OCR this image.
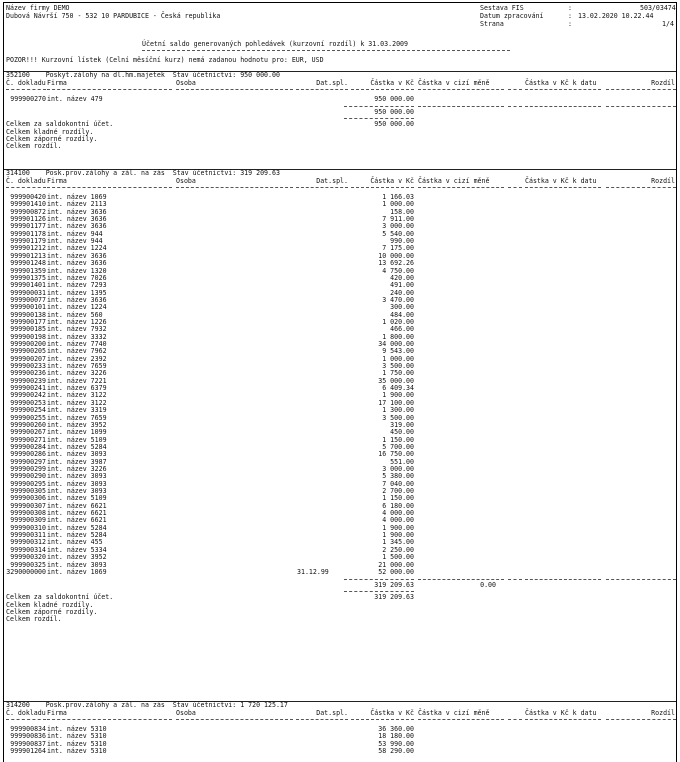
Název firmy DEMO
Dubová Návrší 750 - 532 10 PARDUBICE - Česká republika
Sestava FIS	:	503/03474
Datum zpracování	: 13.02.2020 10.22.44
Strana	:	1/4
Účetní saldo generovaných pohledávek (kurzovní rozdíl) k 31.03.2009
POZOR!!! Kurzovní lístek (Celní měsíční kurz) nemá zadanou hodnotu pro: EUR, USD
352100    Poskyt.zálohy na dl.hm.majetek  Stav účetnictví: 950 000.00
Č. dokladu Firma	Osoba	Dat.spl.	Částka v Kč Částka v cizí měně	Částka v Kč k datu	Rozdíl
999900270 int. název 479	950 000.00
950 000.00
Celkem za saldokontní účet.	950 000.00
Celkem kladné rozdíly.
Celkem záporné rozdíly.
Celkem rozdíl.
314100    Posk.prov.zálohy a zál. na zás  Stav účetnictví: 319 209.63
Č. dokladu Firma	Osoba	Dat.spl.	Částka v Kč Částka v cizí měně	Částka v Kč k datu	Rozdíl
999900420 int. název 1069	1 166.03
999901410 int. název 2113	1 000.00
999900872 int. název 3636	158.00
999901126 int. název 3636	7 911.00
999901177 int. název 3636	3 000.00
999901178 int. název 944	5 540.00
999901179 int. název 944	990.00
999901212 int. název 1224	7 175.00
999901213 int. název 3636	10 000.00
999901248 int. název 3636	13 692.26
999901359 int. název 1320	4 750.00
999901375 int. název 7026	420.00
999901401 int. název 7293	491.00
999900031 int. název 1395	240.00
999900077 int. název 3636	3 470.00
999900101 int. název 1224	300.00
999900138 int. název 560	484.00
999900177 int. název 1226	1 020.00
999900185 int. název 7932	466.00
999900198 int. název 3332	1 800.00
999900200 int. název 7740	34 000.00
999900205 int. název 7962	9 543.00
999900207 int. název 2392	1 000.00
999900233 int. název 7659	3 500.00
999900236 int. název 3226	1 750.00
999900239 int. název 7221	35 000.00
999900241 int. název 6379	6 409.34
999900242 int. název 3122	1 900.00
999900253 int. název 3122	17 100.00
999900254 int. název 3319	1 300.00
999900255 int. název 7659	3 500.00
999900260 int. název 3952	319.00
999900267 int. název 1099	450.00
999900271 int. název 5109	1 150.00
999900284 int. název 5284	5 700.00
999900286 int. název 3093	16 750.00
999900297 int. název 3987	551.00
999900299 int. název 3226	3 000.00
999900290 int. název 3093	5 380.00
999900295 int. název 3093	7 040.00
999900305 int. název 3093	2 700.00
999900306 int. název 5109	1 150.00
999900307 int. název 6621	6 180.00
999900308 int. název 6621	4 000.00
999900309 int. název 6621	4 000.00
999900310 int. název 5284	1 900.00
999900311 int. název 5284	1 900.00
999900312 int. název 455	1 345.00
999900314 int. název 5334	2 250.00
999900320 int. název 3952	1 500.00
999900325 int. název 3093	21 000.00
3290000000 int. název 1069	31.12.99	52 000.00
319 209.63	0.00
Celkem za saldokontní účet.	319 209.63
Celkem kladné rozdíly.
Celkem záporné rozdíly.
Celkem rozdíl.
314200    Posk.prov.zálohy a zál. na zás  Stav účetnictví: 1 720 125.17
Č. dokladu Firma	Osoba	Dat.spl.	Částka v Kč Částka v cizí měně	Částka v Kč k datu	Rozdíl
999900834 int. název 5310	36 360.00
999900836 int. název 5310	18 180.00
999900837 int. název 5310	53 990.00
999901264 int. název 5310	58 290.00
